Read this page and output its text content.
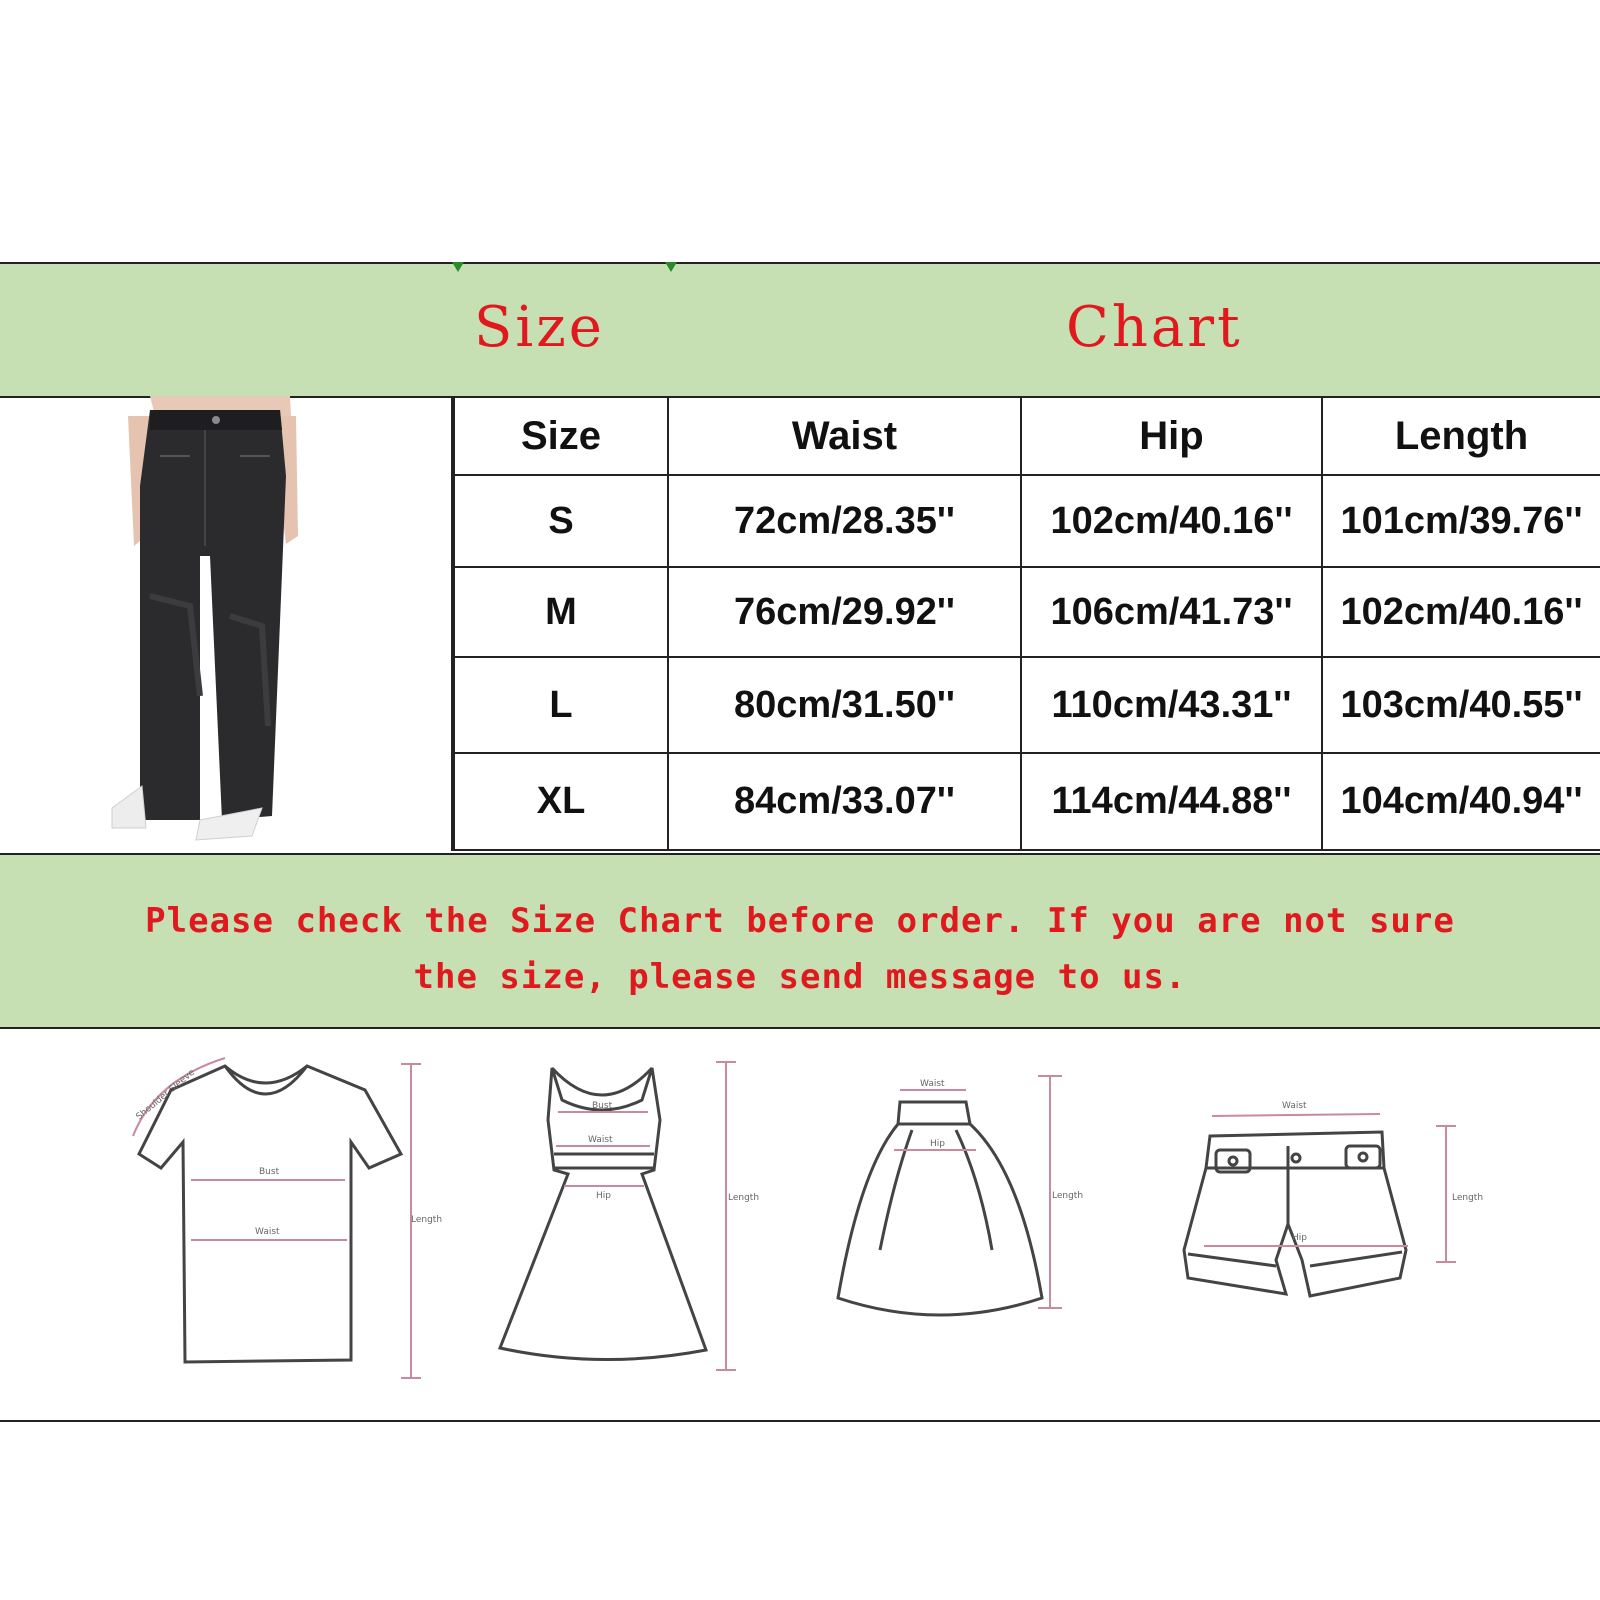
Size	Chart
Size	Waist	Hip	Length
S	72cm/28.35''	102cm/40.16''	101cm/39.76''
M	76cm/29.92''	106cm/41.73''	102cm/40.16''
L	80cm/31.50''	110cm/43.31''	103cm/40.55''
XL	84cm/33.07''	114cm/44.88''	104cm/40.94''
Please check the Size Chart before order. If you are not sure
the size, please send message to us.
Bust
Waist
Length
Shoulder Sleeve	Bust
Waist
Hip	Length
Waist
Hip
Length
Waist
Hip
Length
